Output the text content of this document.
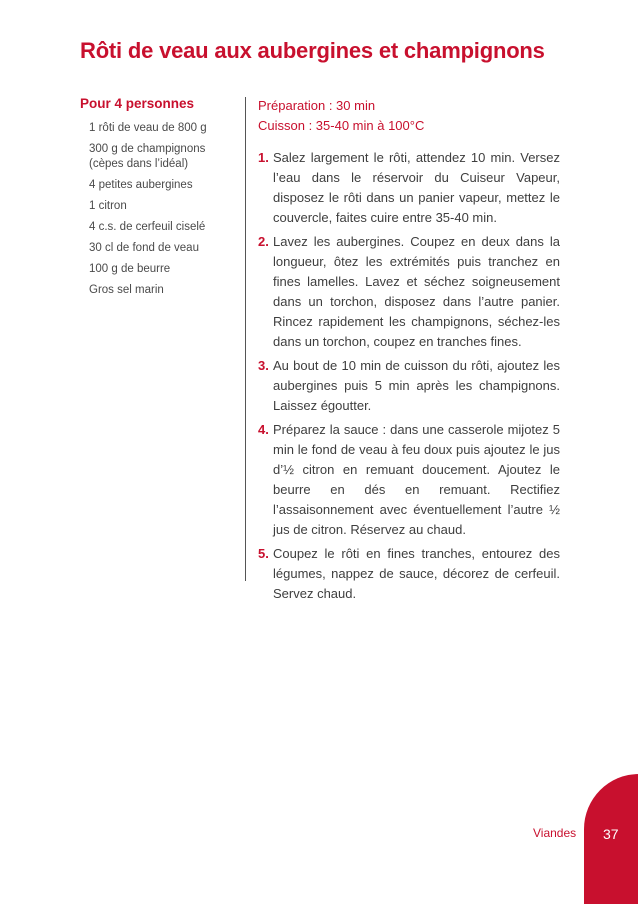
Rôti de veau aux aubergines et champignons
Pour 4 personnes
1 rôti de veau de 800 g
300 g de champignons (cèpes dans l’idéal)
4 petites aubergines
1 citron
4 c.s. de cerfeuil ciselé
30 cl de fond de veau
100 g de beurre
Gros sel marin
Préparation : 30 min
Cuisson : 35-40 min à 100°C
1. Salez largement le rôti, attendez 10 min. Versez l’eau dans le réservoir du Cuiseur Vapeur, disposez le rôti dans un panier vapeur, mettez le couvercle, faites cuire entre 35-40 min.
2. Lavez les aubergines. Coupez en deux dans la longueur, ôtez les extrémités puis tranchez en fines lamelles. Lavez et séchez soigneusement dans un torchon, disposez dans l’autre panier. Rincez rapidement les champignons, séchez-les dans un torchon, coupez en tranches fines.
3. Au bout de 10 min de cuisson du rôti, ajoutez les aubergines puis 5 min après les champignons. Laissez égoutter.
4. Préparez la sauce : dans une casserole mijotez 5 min le fond de veau à feu doux puis ajoutez le jus d’½ citron en remuant doucement. Ajoutez le beurre en dés en remuant. Rectifiez l’assaisonnement avec éventuellement l’autre ½ jus de citron. Réservez au chaud.
5. Coupez le rôti en fines tranches, entourez des légumes, nappez de sauce, décorez de cerfeuil. Servez chaud.
Viandes 37
